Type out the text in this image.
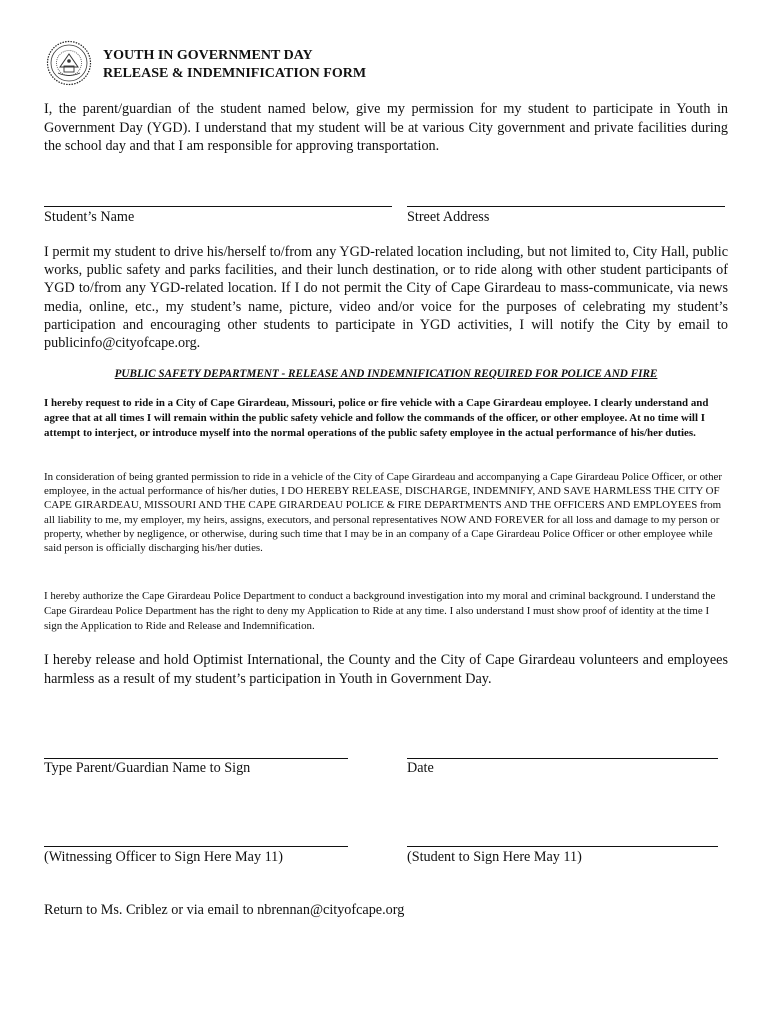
YOUTH IN GOVERNMENT DAY
RELEASE & INDEMNIFICATION FORM
I, the parent/guardian of the student named below, give my permission for my student to participate in Youth in Government Day (YGD). I understand that my student will be at various City government and private facilities during the school day and that I am responsible for approving transportation.
Student’s Name	Street Address
I permit my student to drive his/herself to/from any YGD-related location including, but not limited to, City Hall, public works, public safety and parks facilities, and their lunch destination, or to ride along with other student participants of YGD to/from any YGD-related location. If I do not permit the City of Cape Girardeau to mass-communicate, via news media, online, etc., my student’s name, picture, video and/or voice for the purposes of celebrating my student’s participation and encouraging other students to participate in YGD activities, I will notify the City by email to publicinfo@cityofcape.org.
PUBLIC SAFETY DEPARTMENT - RELEASE AND INDEMNIFICATION REQUIRED FOR POLICE AND FIRE
I hereby request to ride in a City of Cape Girardeau, Missouri, police or fire vehicle with a Cape Girardeau employee. I clearly understand and agree that at all times I will remain within the public safety vehicle and follow the commands of the officer, or other employee. At no time will I attempt to interject, or introduce myself into the normal operations of the public safety employee in the actual performance of his/her duties.
In consideration of being granted permission to ride in a vehicle of the City of Cape Girardeau and accompanying a Cape Girardeau Police Officer, or other employee, in the actual performance of his/her duties, I DO HEREBY RELEASE, DISCHARGE, INDEMNIFY, AND SAVE HARMLESS THE CITY OF CAPE GIRARDEAU, MISSOURI AND THE CAPE GIRARDEAU POLICE & FIRE DEPARTMENTS AND THE OFFICERS AND EMPLOYEES from all liability to me, my employer, my heirs, assigns, executors, and personal representatives NOW AND FOREVER for all loss and damage to my person or property, whether by negligence, or otherwise, during such time that I may be in an company of a Cape Girardeau Police Officer or other employee while said person is officially discharging his/her duties.
I hereby authorize the Cape Girardeau Police Department to conduct a background investigation into my moral and criminal background. I understand the Cape Girardeau Police Department has the right to deny my Application to Ride at any time. I also understand I must show proof of identity at the time I sign the Application to Ride and Release and Indemnification.
I hereby release and hold Optimist International, the County and the City of Cape Girardeau volunteers and employees harmless as a result of my student’s participation in Youth in Government Day.
Type Parent/Guardian Name to Sign	Date
(Witnessing Officer to Sign Here May 11)	(Student to Sign Here May 11)
Return to Ms. Criblez or via email to nbrennan@cityofcape.org
